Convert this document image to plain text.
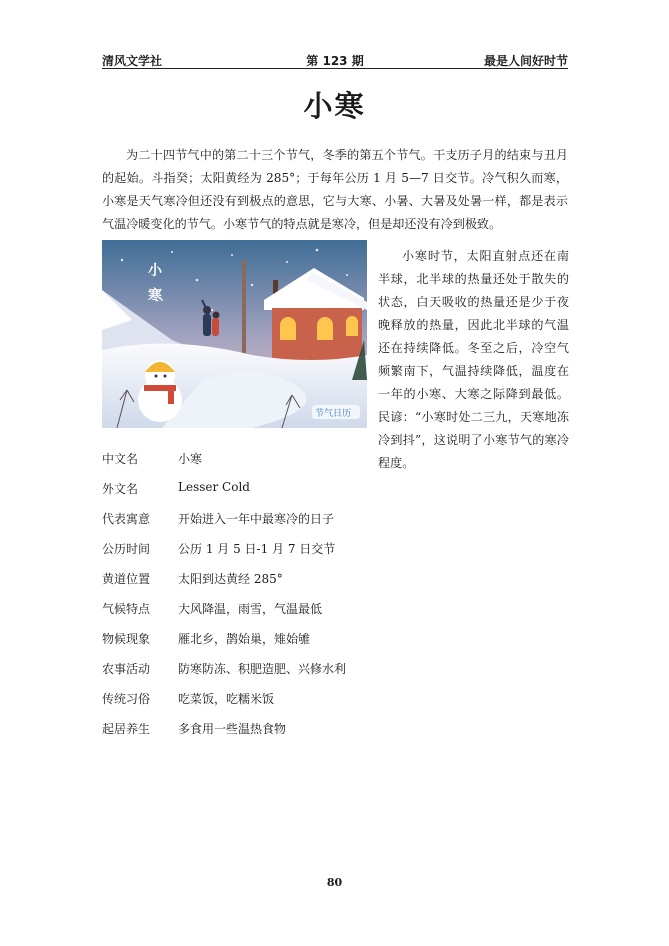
清风文学社	第 123 期	最是人间好时节
小寒

为二十四节气中的第二十三个节气，冬季的第五个节气。干支历子月的结束与丑月的起始。斗指癸；太阳黄经为 285°；于每年公历 1 月 5—7 日交节。冷气积久而寒，小寒是天气寒冷但还没有到极点的意思，它与大寒、小暑、大暑及处暑一样，都是表示气温冷暖变化的节气。小寒节气的特点就是寒冷，但是却还没有冷到极致。

小
寒
节气日历

小寒时节，太阳直射点还在南半球，北半球的热量还处于散失的状态，白天吸收的热量还是少于夜晚释放的热量，因此北半球的气温还在持续降低。冬至之后，冷空气频繁南下，气温持续降低，温度在一年的小寒、大寒之际降到最低。民谚：“小寒时处二三九，天寒地冻冷到抖”，这说明了小寒节气的寒冷程度。

中文名	小寒
外文名	Lesser Cold
代表寓意 开始进入一年中最寒冷的日子
公历时间 公历 1 月 5 日-1 月 7 日交节
黄道位置 太阳到达黄经 285°
气候特点 大风降温，雨雪，气温最低
物候现象 雁北乡，鹊始巢，雉始雊
农事活动 防寒防冻、积肥造肥、兴修水利
传统习俗 吃菜饭，吃糯米饭
起居养生 多食用一些温热食物
80
